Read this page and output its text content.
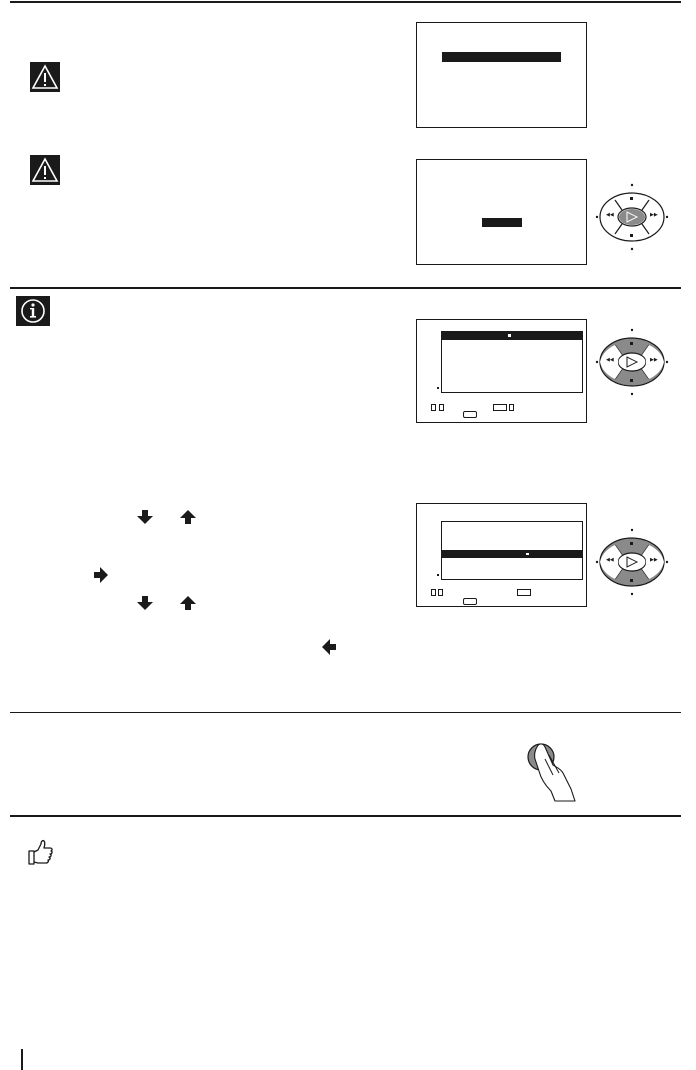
◀◀	▶▶
◀◀	▶▶
◀◀	▶▶
